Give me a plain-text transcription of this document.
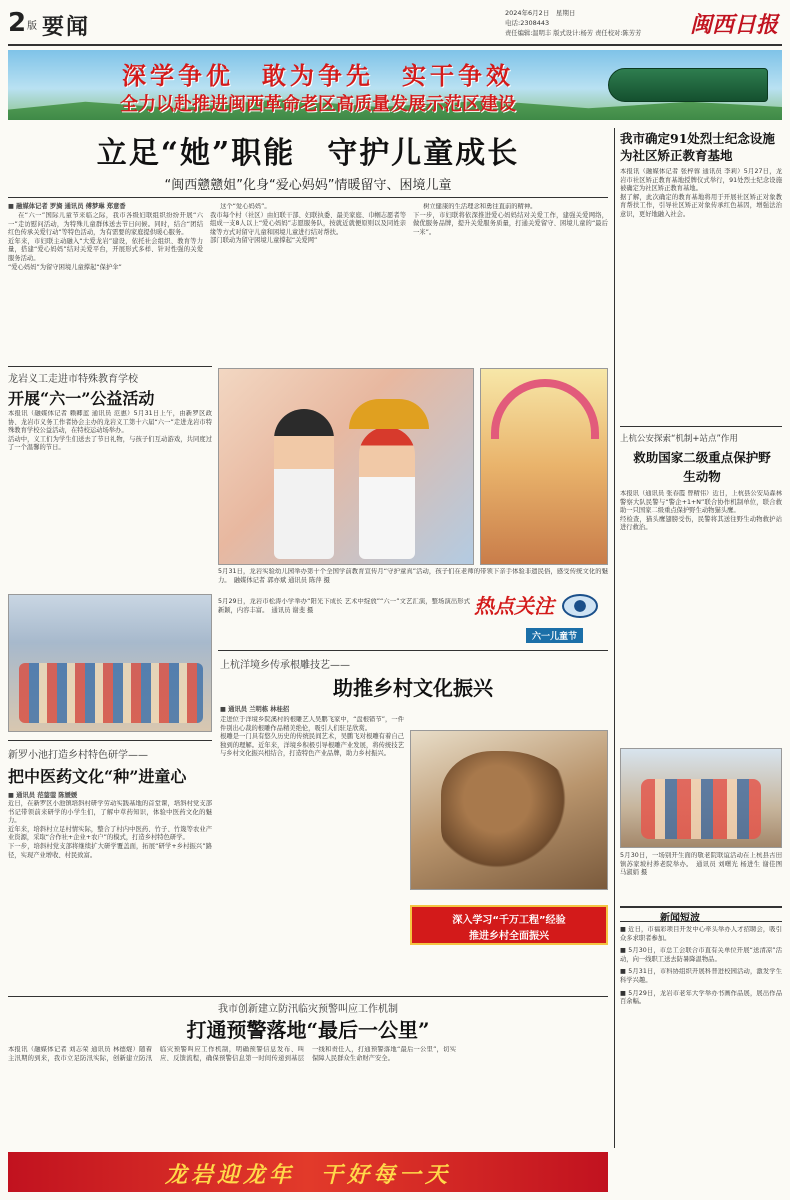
2 版 要闻
2024年6月2日　星期日
电话:2308443
责任编辑:温明丰 版式设计:杨芳 责任校对:陈芳芳 闽西日报
深学争优　敢为争先　实干争效
全力以赴推进闽西革命老区高质量发展示范区建设
立足“她”职能　守护儿童成长
“闽西戆戆姐”化身“爱心妈妈”情暖留守、困境儿童
■ 融媒体记者 罗旖 通讯员 傅梦琳 郑意香
在“六一”国际儿童节来临之际，我市各级妇联组织纷纷开展“六一”走访慰问活动，为特殊儿童群体送去节日问候。同时，结合“团结红色传承关爱行动”等特色活动，为有需要的家庭提供暖心服务。
近年来，市妇联主动融入“大爱龙岩”建设，依托社会组织、教育等力量，搭建“爱心妈妈”结对关爱平台，开展形式多样、针对性强的关爱服务活动。
“爱心妈妈”为留守困境儿童撑起“保护伞”
这个“爱心妈妈”。
我市每个村（社区）由妇联干部、妇联执委、最美家庭、巾帼志愿者等组成一支8人以上“爱心妈妈”志愿服务队，按就近就便原则以及同姓亲缘等方式对留守儿童和困境儿童进行结对帮扶。
部门联动为留守困境儿童撑起“关爱网”
树立健康的生活理念和勇往直前的精神。
下一步，市妇联将依深推进爱心妈妈结对关爱工作，建强关爱网络，做优服务品牌，提升关爱服务质量，打通关爱留守、困境儿童的“最后一米”。
5月31日，龙岩实验幼儿园举办第十个全国学前教育宣传月“守护童真”活动，孩子们在老师的带领下亲手体验非遗民俗，感受传统文化的魅力。　融媒体记者 郭亦斌 通讯员 陈萍 摄
热点关注
六一儿童节
5月29日，龙岩市松涛小学举办“阳光下成长 艺术中绽放”“六一”文艺汇演，整场演出形式新颖，内容丰富。　通讯员 谢斐 摄
龙岩义工走进市特殊教育学校
开展“六一”公益活动
本报讯（融媒体记者 赖卿蓝 通讯员 范惠）5月31日上午，由新罗区政协、龙岩市义务工作者协会主办的龙岩义工第十六届“六一”走进龙岩市特殊教育学校公益活动，在特校运动场举办。
活动中，义工们为学生们送去了节日礼物，与孩子们互动游戏，共同度过了一个温馨的节日。
新罗小池打造乡村特色研学——
把中医药文化“种”进童心
■ 通讯员 范蓥蓥 陈媛媛
近日，在新罗区小池镇培斜村研学劳动实践基地的首堂课，培斜村党支部书记带领前来研学的小学生们，了解中草药知识，体验中医药文化的魅力。
近年来，培斜村立足村情实际，整合了村内中医药、竹子、竹篾等农业产业资源，采取“合作社+企业+农户”的模式，打造乡村特色研学。
下一步，培斜村党支部将继续扩大研学覆盖面，拓展“研学+乡村振兴”路径，实现产业增收、村民致富。
上杭洋境乡传承根雕技艺——
助推乡村文化振兴
■ 通讯员 兰明栋 林桂招
走进位于洋境乡院溪村的根雕艺人吴鹏飞家中，“盘根错节”，一件件别出心裁的根雕作品精美绝伦，吸引人们驻足欣赏。
根雕是一门具有悠久历史的传统民间艺术，吴鹏飞对根雕有着自己独到的理解。近年来，洋境乡积极引导根雕产业发展，将传统技艺与乡村文化振兴相结合，打造特色产业品牌，助力乡村振兴。
深入学习“千万工程”经验
推进乡村全面振兴
我市创新建立防汛临灾预警叫应工作机制
打通预警落地“最后一公里”
本报讯（融媒体记者 刘志荣 通讯员 林德焜）随着主汛期的到来，我市立足防汛实际，创新建立防汛临灾预警叫应工作机制，明确预警信息发布、叫应、反馈流程，确保预警信息第一时间传递到基层一线和责任人，打通预警落地“最后一公里”，切实保障人民群众生命财产安全。
我市确定91处烈士纪念设施为社区矫正教育基地
本报讯（融媒体记者 张梓蓉 通讯员 李莉）5月27日，龙岩市社区矫正教育基地授牌仪式举行，91处烈士纪念设施被确定为社区矫正教育基地。
据了解，此次确定的教育基地将用于开展社区矫正对象教育帮扶工作，引导社区矫正对象传承红色基因，增强法治意识，更好地融入社会。
上杭公安探索“机制+站点”作用
救助国家二级重点保护野生动物
本报讯（通讯员 张春霞 曾精伟）近日，上杭县公安局森林警察大队民警与“警企+1+N”联合协作机制单位，联合救助一只国家二级重点保护野生动物猫头鹰。
经检查，猫头鹰翅膀受伤，民警将其送往野生动物救护站进行救治。
5月30日，一场别开生面的敬老院联谊活动在上杭县古田镇苏家坡村养老院举办。　通讯员 刘曙光 杨进生 谢佳图 马淑娟 摄
新闻短波
■ 近日，市福彩项目开发中心牵头举办人才招聘会，吸引众多求职者参加。
■ 5月30日，市总工会联合市直有关单位开展“送清凉”活动，向一线职工送去防暑降温物品。
■ 5月31日，市科协组织开展科普进校园活动，激发学生科学兴趣。
■ 5月29日，龙岩市老年大学举办书画作品展，展出作品百余幅。
龙岩迎龙年　干好每一天
